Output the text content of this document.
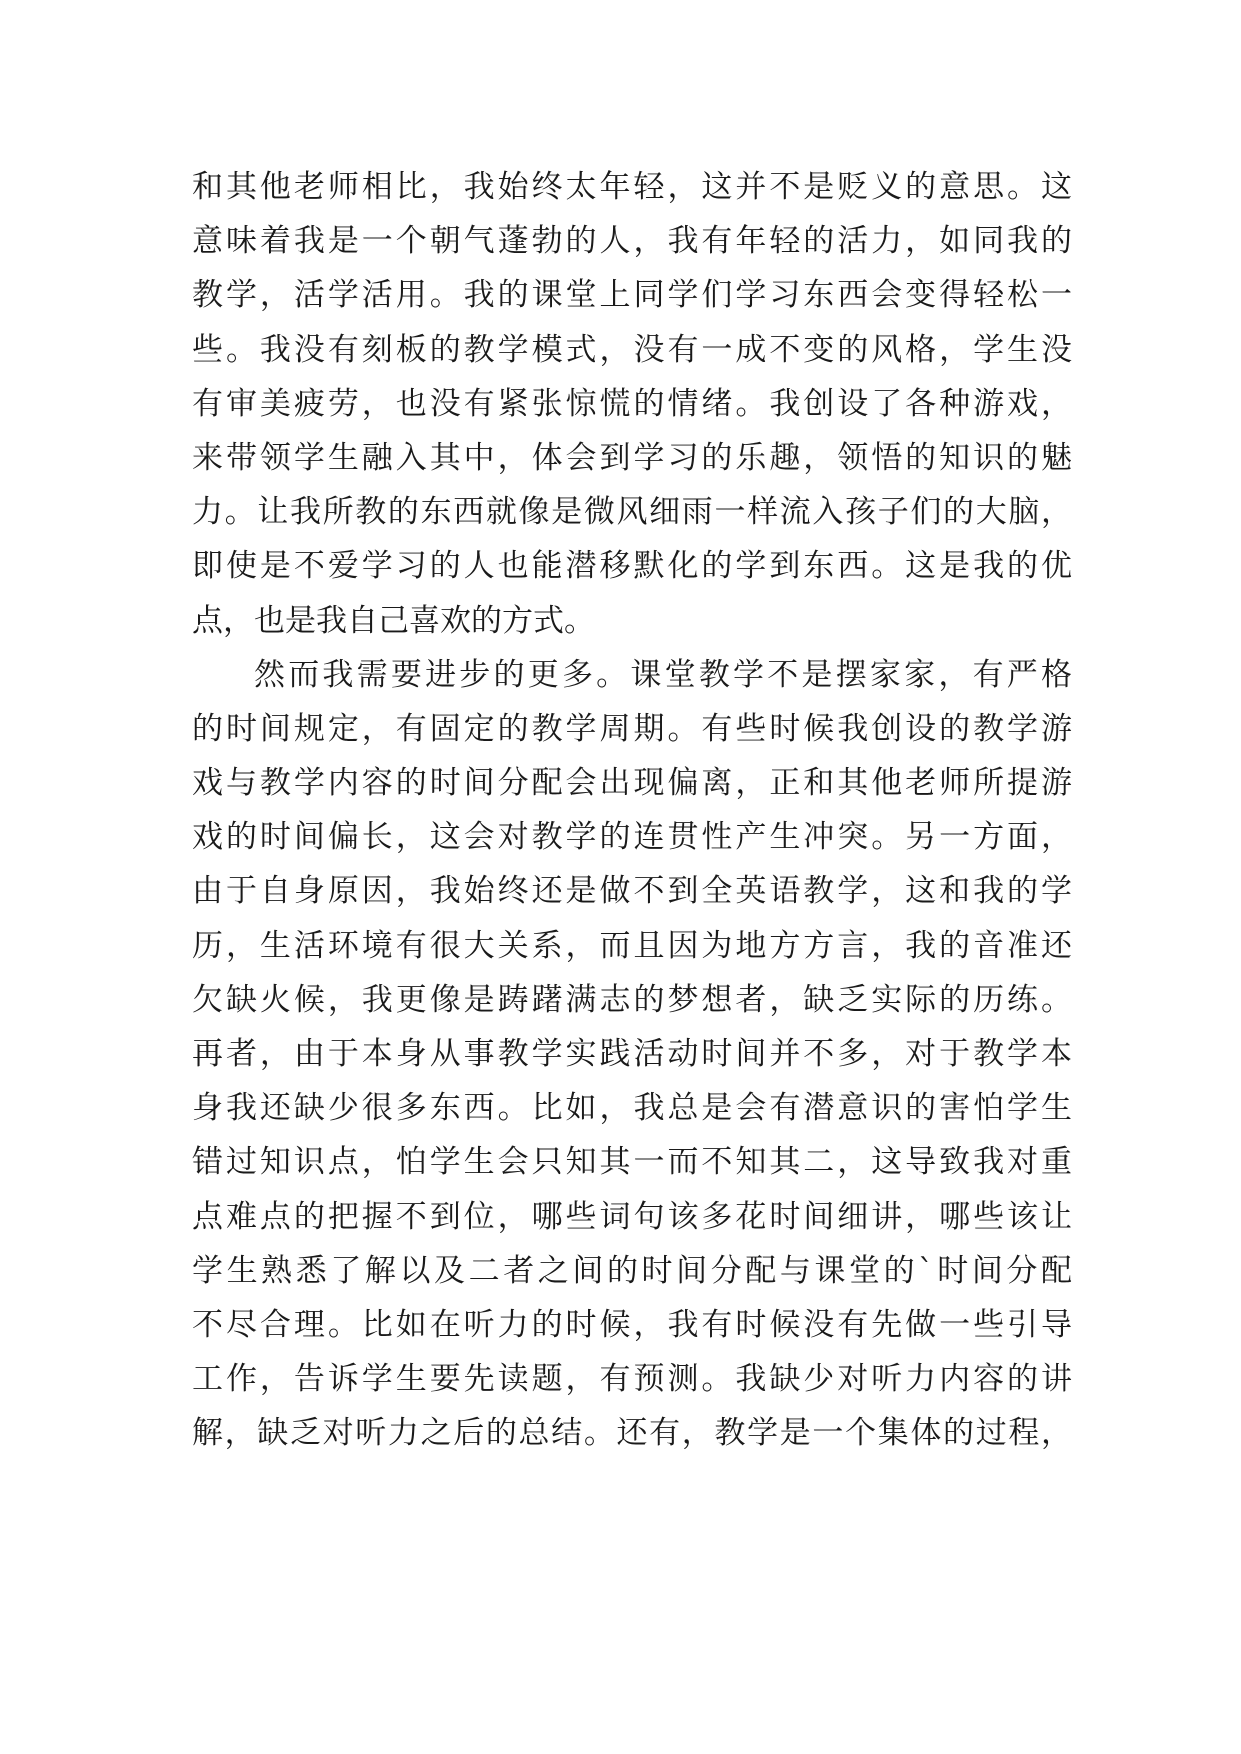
和其他老师相比，我始终太年轻，这并不是贬义的意思。这
意味着我是一个朝气蓬勃的人，我有年轻的活力，如同我的
教学，活学活用。我的课堂上同学们学习东西会变得轻松一
些。我没有刻板的教学模式，没有一成不变的风格，学生没
有审美疲劳，也没有紧张惊慌的情绪。我创设了各种游戏，
来带领学生融入其中，体会到学习的乐趣，领悟的知识的魅
力。让我所教的东西就像是微风细雨一样流入孩子们的大脑，
即使是不爱学习的人也能潜移默化的学到东西。这是我的优
点，也是我自己喜欢的方式。
然而我需要进步的更多。课堂教学不是摆家家，有严格
的时间规定，有固定的教学周期。有些时候我创设的教学游
戏与教学内容的时间分配会出现偏离，正和其他老师所提游
戏的时间偏长，这会对教学的连贯性产生冲突。另一方面，
由于自身原因，我始终还是做不到全英语教学，这和我的学
历，生活环境有很大关系，而且因为地方方言，我的音准还
欠缺火候，我更像是踌躇满志的梦想者，缺乏实际的历练。
再者，由于本身从事教学实践活动时间并不多，对于教学本
身我还缺少很多东西。比如，我总是会有潜意识的害怕学生
错过知识点，怕学生会只知其一而不知其二，这导致我对重
点难点的把握不到位，哪些词句该多花时间细讲，哪些该让
学生熟悉了解以及二者之间的时间分配与课堂的`时间分配
不尽合理。比如在听力的时候，我有时候没有先做一些引导
工作，告诉学生要先读题，有预测。我缺少对听力内容的讲
解，缺乏对听力之后的总结。还有，教学是一个集体的过程，
